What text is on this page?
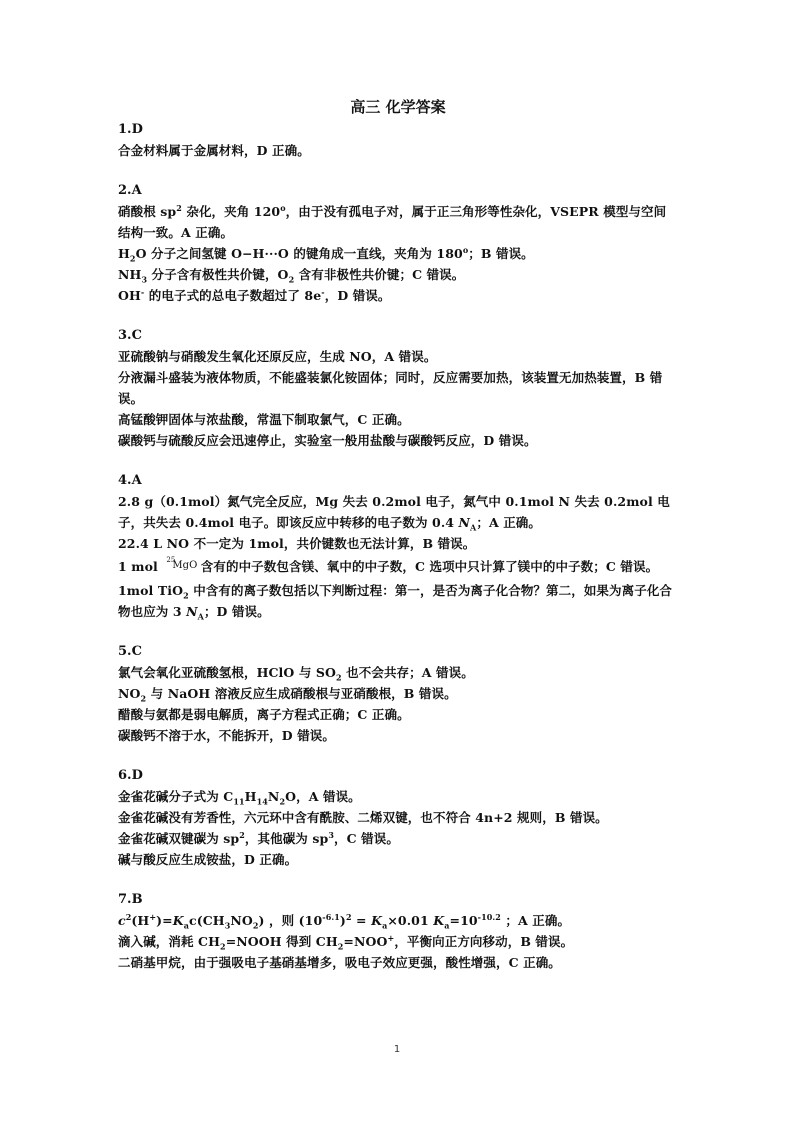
高三 化学答案
1.D
合金材料属于金属材料，D 正确。
2.A
硝酸根 $sp^2$ 杂化，夹角 120$^o$，由于没有孤电子对，属于正三角形等性杂化，VSEPR 模型与空间结构一致。A 正确。
$H_2O$ 分子之间氢键 O−H···O 的键角成一直线，夹角为 180$^o$；B 错误。
$NH_3$ 分子含有极性共价键，$O_2$ 含有非极性共价键；C 错误。
OH- 的电子式的总电子数超过了 8e-，D 错误。
3.C
亚硫酸钠与硝酸发生氧化还原反应，生成 NO，A 错误。
分液漏斗盛装为液体物质，不能盛装氯化铵固体；同时，反应需要加热，该装置无加热装置，B 错误。
高锰酸钾固体与浓盐酸，常温下制取氯气，C 正确。
碳酸钙与硫酸反应会迅速停止，实验室一般用盐酸与碳酸钙反应，D 错误。
4.A
2.8 g（0.1mol）氮气完全反应，Mg 失去 0.2mol 电子，氮气中 0.1mol N 失去 0.2mol 电子，共失去 0.4mol 电子。即该反应中转移的电子数为 0.4 $N_A$；A 正确。
22.4 L NO 不一定为 1mol，共价键数也无法计算，B 错误。
1 mol 25
MgO
含有的中子数包含镁、氧中的中子数，C 选项中只计算了镁中的中子数；C 错误。
1mol TiO$_2$ 中含有的离子数包括以下判断过程：第一，是否为离子化合物？第二，如果为离子化合物也应为 3 $N_A$；D 错误。
5.C
氯气会氧化亚硫酸氢根，HClO 与 $SO_2$ 也不会共存；A 错误。
$NO_2$ 与 NaOH 溶液反应生成硝酸根与亚硝酸根，B 错误。
醋酸与氨都是弱电解质，离子方程式正确；C 正确。
碳酸钙不溶于水，不能拆开，D 错误。
6.D
金雀花碱分子式为 $C_{11}H_{14}N_2O$，A 错误。
金雀花碱没有芳香性，六元环中含有酰胺、二烯双键，也不符合 4n+2 规则，B 错误。
金雀花碱双键碳为 $sp^2$，其他碳为 $sp^3$，C 错误。
碱与酸反应生成铵盐，D 正确。
7.B
$c^2(H^+)=K_ac(CH_3NO_2)$ ，则 $(10^{-6.1})^2 = K_a\times 0.01$ $K_a=10^{-10.2}$ ；A 正确。
滴入碱，消耗 $CH_2=NOOH$ 得到 $CH_2=NOO^+$，平衡向正方向移动，B 错误。
二硝基甲烷，由于强吸电子基硝基增多，吸电子效应更强，酸性增强，C 正确。
1
